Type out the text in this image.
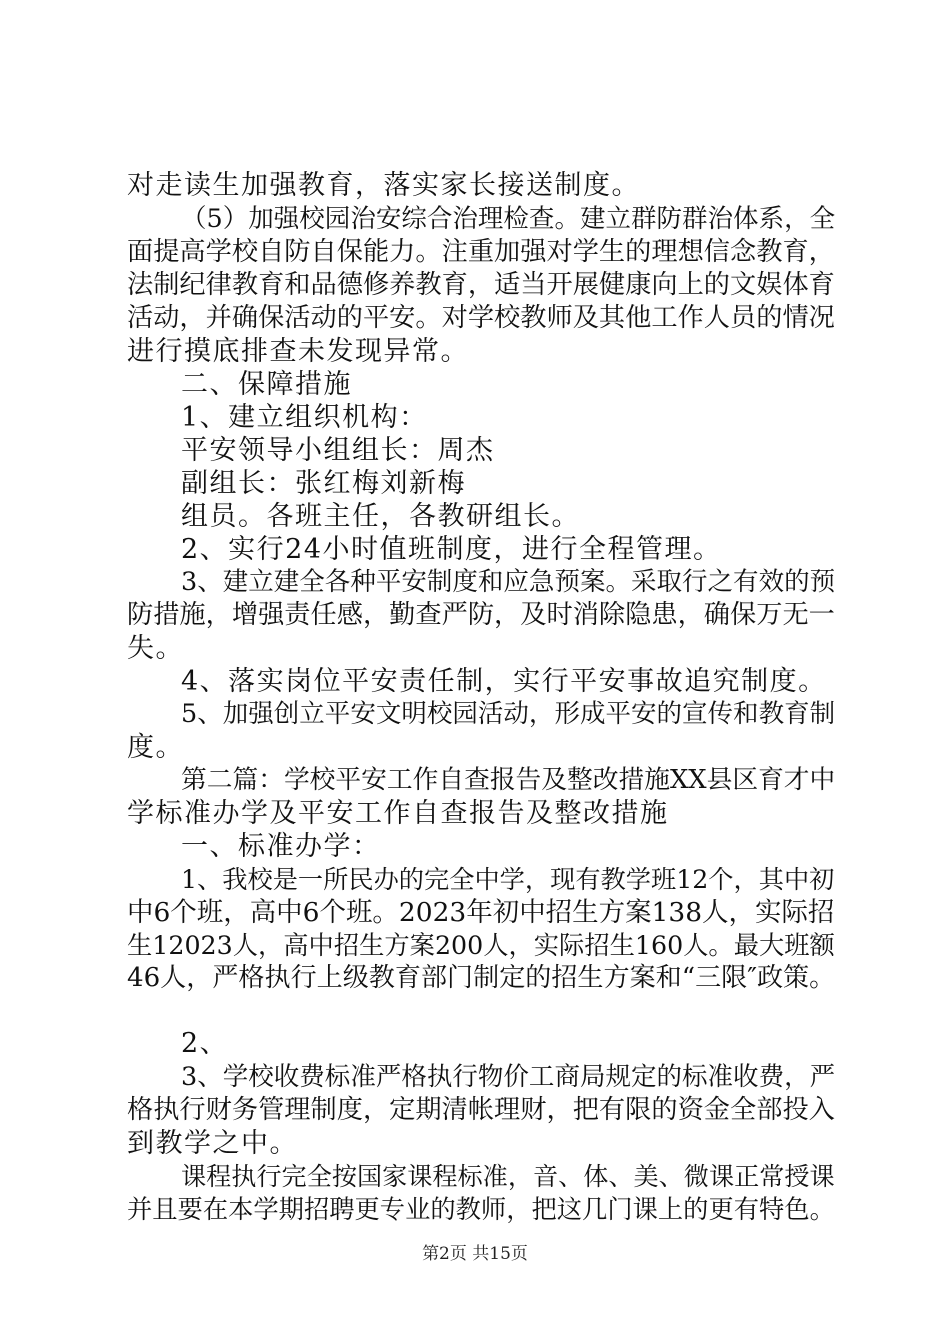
对走读生加强教育，落实家长接送制度。
（5）加强校园治安综合治理检查。建立群防群治体系，全
面提高学校自防自保能力。注重加强对学生的理想信念教育，
法制纪律教育和品德修养教育，适当开展健康向上的文娱体育
活动，并确保活动的平安。对学校教师及其他工作人员的情况
进行摸底排查未发现异常。
二、保障措施
1、建立组织机构：
平安领导小组组长：周杰
副组长：张红梅刘新梅
组员。各班主任，各教研组长。
2、实行24小时值班制度，进行全程管理。
3、建立建全各种平安制度和应急预案。采取行之有效的预
防措施，增强责任感，勤查严防，及时消除隐患，确保万无一
失。
4、落实岗位平安责任制，实行平安事故追究制度。
5、加强创立平安文明校园活动，形成平安的宣传和教育制
度。
第二篇：学校平安工作自查报告及整改措施XX县区育才中
学标准办学及平安工作自查报告及整改措施
一、标准办学：
1、我校是一所民办的完全中学，现有教学班12个，其中初
中6个班，高中6个班。2023年初中招生方案138人，实际招
生12023人，高中招生方案200人，实际招生160人。最大班额
46人，严格执行上级教育部门制定的招生方案和“三限″政策。
2、
3、学校收费标准严格执行物价工商局规定的标准收费，严
格执行财务管理制度，定期清帐理财，把有限的资金全部投入
到教学之中。
课程执行完全按国家课程标准，音、体、美、微课正常授课
并且要在本学期招聘更专业的教师，把这几门课上的更有特色。
第2页 共15页
